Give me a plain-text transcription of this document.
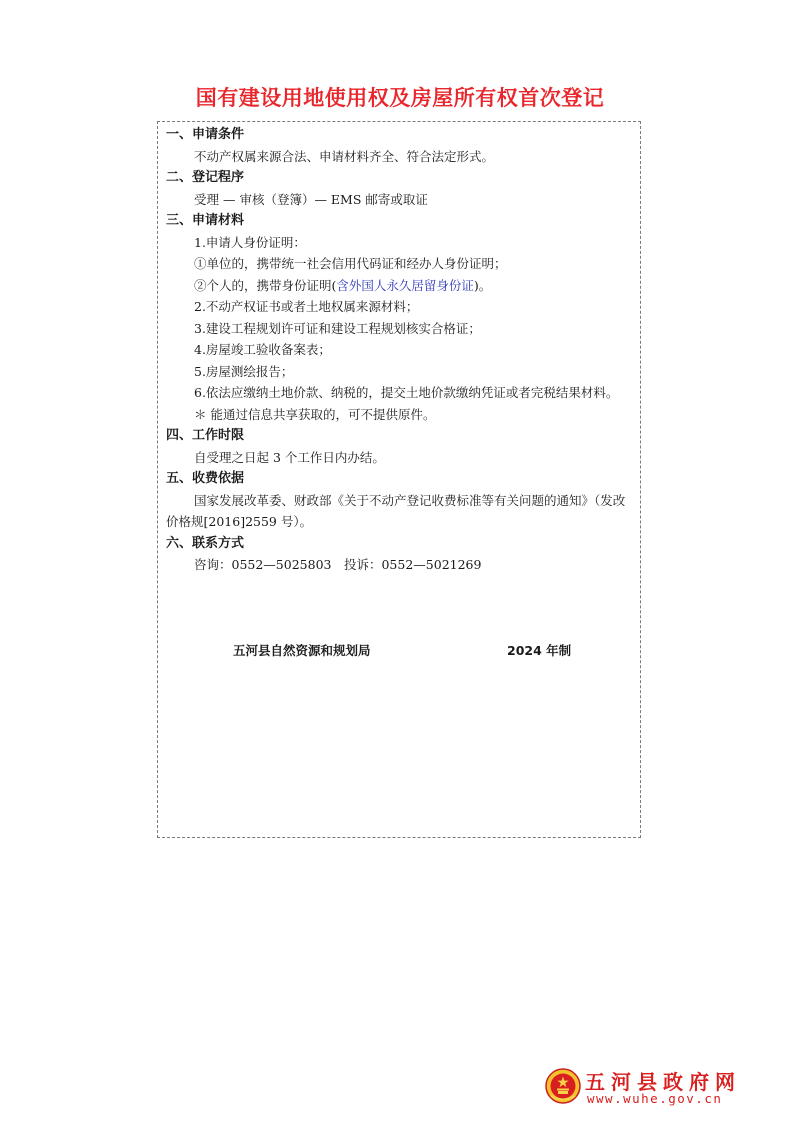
国有建设用地使用权及房屋所有权首次登记
一、申请条件
不动产权属来源合法、申请材料齐全、符合法定形式。
二、登记程序
受理 — 审核（登簿）— EMS 邮寄或取证
三、申请材料
1.申请人身份证明：
①单位的，携带统一社会信用代码证和经办人身份证明；
②个人的，携带身份证明(含外国人永久居留身份证)。
2.不动产权证书或者土地权属来源材料；
3.建设工程规划许可证和建设工程规划核实合格证；
4.房屋竣工验收备案表；
5.房屋测绘报告；
6.依法应缴纳土地价款、纳税的，提交土地价款缴纳凭证或者完税结果材料。
＊ 能通过信息共享获取的，可不提供原件。
四、工作时限
自受理之日起 3 个工作日内办结。
五、收费依据
国家发展改革委、财政部《关于不动产登记收费标准等有关问题的通知》（发改价格规[2016]2559 号）。
六、联系方式
咨询：0552—5025803　投诉：0552—5021269
五河县自然资源和规划局	2024 年制
五河县政府网
www.wuhe.gov.cn
